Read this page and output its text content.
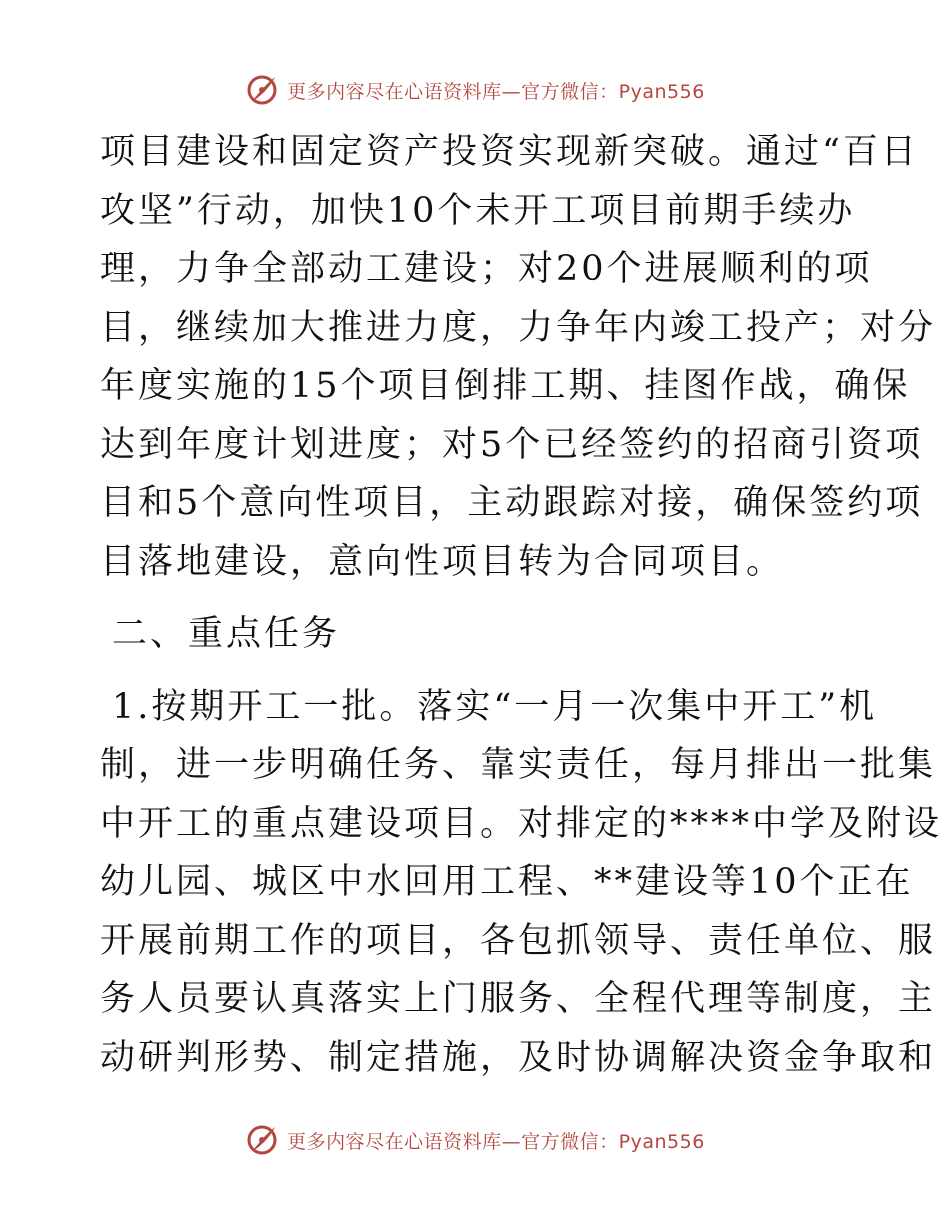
更多内容尽在心语资料库—官方微信：Pyan556
项目建设和固定资产投资实现新突破。通过“百日
攻坚”行动，加快10个未开工项目前期手续办
理，力争全部动工建设；对20个进展顺利的项
目，继续加大推进力度，力争年内竣工投产；对分
年度实施的15个项目倒排工期、挂图作战，确保
达到年度计划进度；对5个已经签约的招商引资项
目和5个意向性项目，主动跟踪对接，确保签约项
目落地建设，意向性项目转为合同项目。
二、重点任务
1.按期开工一批。落实“一月一次集中开工”机
制，进一步明确任务、靠实责任，每月排出一批集
中开工的重点建设项目。对排定的****中学及附设
幼儿园、城区中水回用工程、**建设等10个正在
开展前期工作的项目，各包抓领导、责任单位、服
务人员要认真落实上门服务、全程代理等制度，主
动研判形势、制定措施，及时协调解决资金争取和
更多内容尽在心语资料库—官方微信：Pyan556
